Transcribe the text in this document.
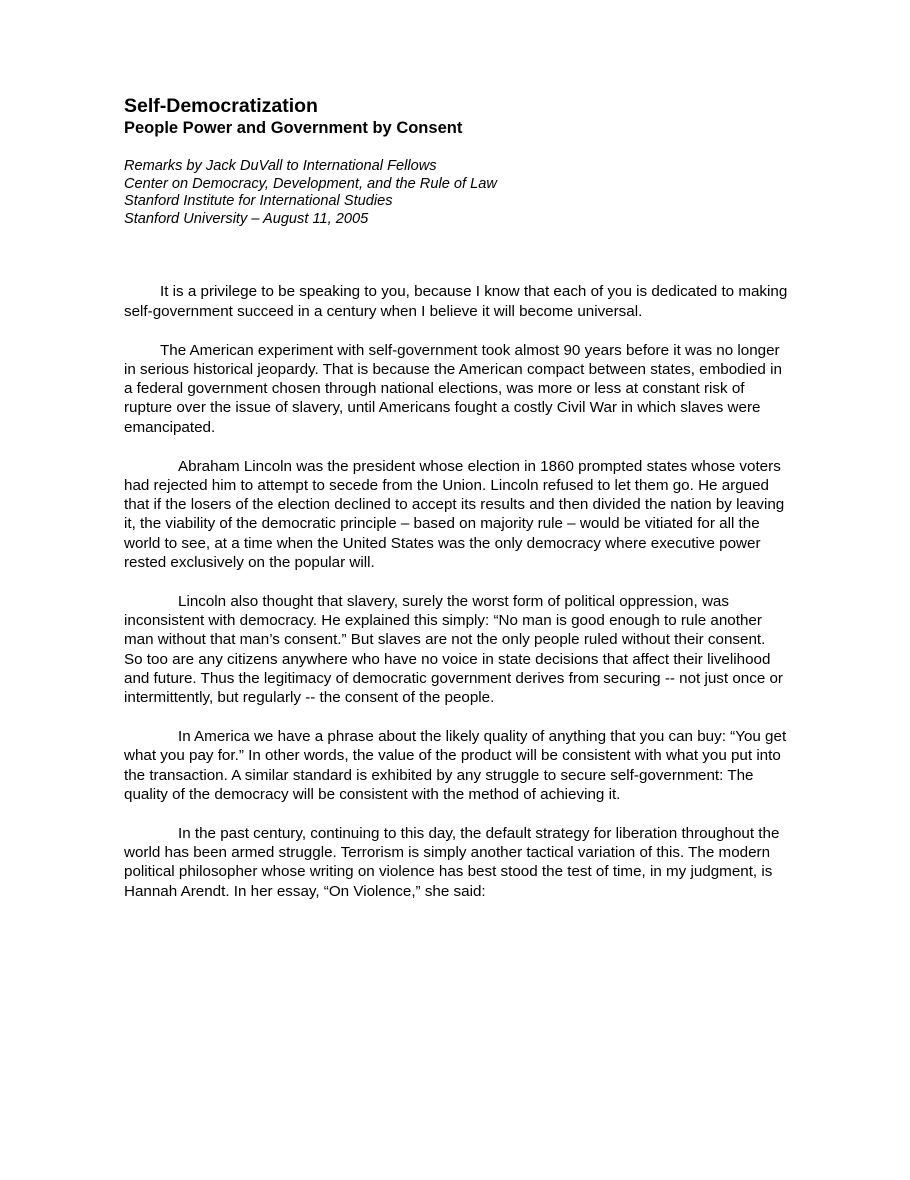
Self-Democratization
People Power and Government by Consent
Remarks by Jack DuVall to International Fellows
Center on Democracy, Development, and the Rule of Law
Stanford Institute for International Studies
Stanford University – August 11, 2005

It is a privilege to be speaking to you, because I know that each of you is dedicated to making self-government succeed in a century when I believe it will become universal.

The American experiment with self-government took almost 90 years before it was no longer in serious historical jeopardy. That is because the American compact between states, embodied in a federal government chosen through national elections, was more or less at constant risk of rupture over the issue of slavery, until Americans fought a costly Civil War in which slaves were emancipated.

Abraham Lincoln was the president whose election in 1860 prompted states whose voters had rejected him to attempt to secede from the Union. Lincoln refused to let them go. He argued that if the losers of the election declined to accept its results and then divided the nation by leaving it, the viability of the democratic principle – based on majority rule – would be vitiated for all the world to see, at a time when the United States was the only democracy where executive power rested exclusively on the popular will.

Lincoln also thought that slavery, surely the worst form of political oppression, was inconsistent with democracy. He explained this simply: “No man is good enough to rule another man without that man’s consent.” But slaves are not the only people ruled without their consent. So too are any citizens anywhere who have no voice in state decisions that affect their livelihood and future. Thus the legitimacy of democratic government derives from securing -- not just once or intermittently, but regularly -- the consent of the people.

In America we have a phrase about the likely quality of anything that you can buy: “You get what you pay for.” In other words, the value of the product will be consistent with what you put into the transaction. A similar standard is exhibited by any struggle to secure self-government: The quality of the democracy will be consistent with the method of achieving it.

In the past century, continuing to this day, the default strategy for liberation throughout the world has been armed struggle. Terrorism is simply another tactical variation of this. The modern political philosopher whose writing on violence has best stood the test of time, in my judgment, is Hannah Arendt. In her essay, “On Violence,” she said:
